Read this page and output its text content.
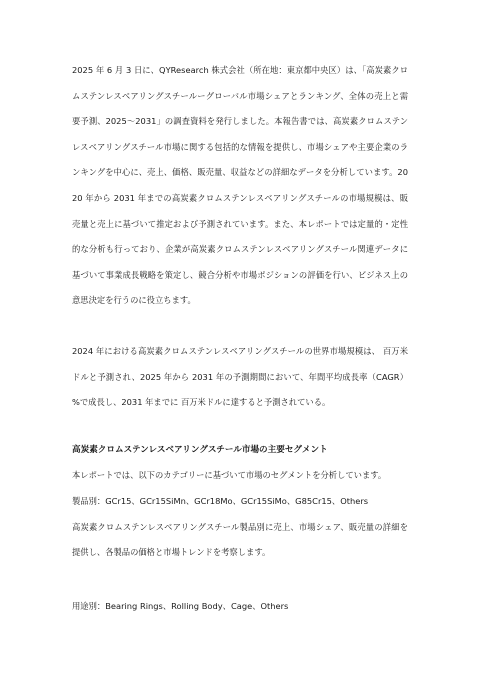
2025 年 6 月 3 日に、QYResearch 株式会社（所在地：東京都中央区）は、「高炭素クロムステンレスベアリングスチールーグローバル市場シェアとランキング、全体の売上と需要予測、2025～2031」の調査資料を発行しました。本報告書では、高炭素クロムステンレスベアリングスチール市場に関する包括的な情報を提供し、市場シェアや主要企業のランキングを中心に、売上、価格、販売量、収益などの詳細なデータを分析しています。2020 年から 2031 年までの高炭素クロムステンレスベアリングスチールの市場規模は、販売量と売上に基づいて推定および予測されています。また、本レポートでは定量的・定性的な分析も行っており、企業が高炭素クロムステンレスベアリングスチール関連データに基づいて事業成長戦略を策定し、競合分析や市場ポジションの評価を行い、ビジネス上の意思決定を行うのに役立ちます。

2024 年における高炭素クロムステンレスベアリングスチールの世界市場規模は、 百万米ドルと予測され、2025 年から 2031 年の予測期間において、年間平均成長率（CAGR） %で成長し、2031 年までに 百万米ドルに達すると予測されている。

高炭素クロムステンレスベアリングスチール市場の主要セグメント

本レポートでは、以下のカテゴリーに基づいて市場のセグメントを分析しています。

製品別：GCr15、GCr15SiMn、GCr18Mo、GCr15SiMo、G85Cr15、Others

高炭素クロムステンレスベアリングスチール製品別に売上、市場シェア、販売量の詳細を提供し、各製品の価格と市場トレンドを考察します。

用途別：Bearing Rings、Rolling Body、Cage、Others
